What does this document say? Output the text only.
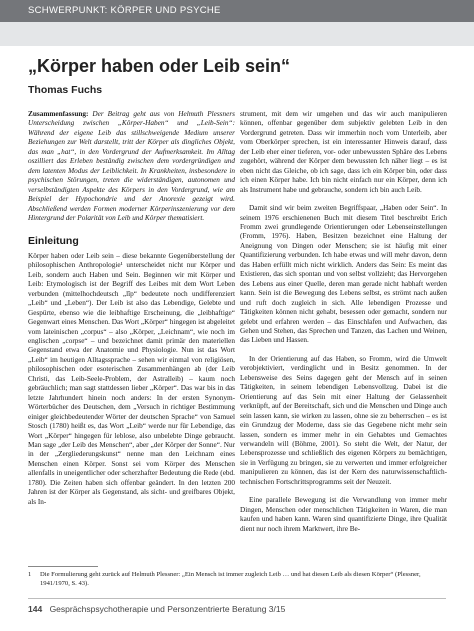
SCHWERPUNKT: KÖRPER UND PSYCHE
„Körper haben oder Leib sein“
Thomas Fuchs

Zusammenfassung: Der Beitrag geht aus von Helmuth Plessners Unterscheidung zwischen „Körper-Haben“ und „Leib-Sein“: Während der eigene Leib das stillschweigende Medium unserer Beziehungen zur Welt darstellt, tritt der Körper als dingliches Objekt, das man „hat“, in den Vordergrund der Aufmerksamkeit. Im Alltag oszilliert das Erleben beständig zwischen dem vordergründigen und dem latenten Modus der Leiblichkeit. In Krankheiten, insbesondere in psychischen Störungen, treten die widerständigen, autonomen und verselbständigten Aspekte des Körpers in den Vordergrund, wie am Beispiel der Hypochondrie und der Anorexie gezeigt wird. Abschließend werden Formen moderner Körperinszenierung vor dem Hintergrund der Polarität von Leib und Körper thematisiert.

Einleitung

Körper haben oder Leib sein – diese bekannte Gegenüberstellung der philosophischen Anthropologie¹ unterscheidet nicht nur Körper und Leib, sondern auch Haben und Sein. Beginnen wir mit Körper und Leib: Etymologisch ist der Begriff des Leibes mit dem Wort Leben verbunden (mittelhochdeutsch „lîp“ bedeutete noch undifferenziert „Leib“ und „Leben“). Der Leib ist also das Lebendige, Gelebte und Gespürte, ebenso wie die leibhaftige Erscheinung, die „leibhaftige“ Gegenwart eines Menschen. Das Wort „Körper“ hingegen ist abgeleitet vom lateinischen „corpus“ – also „Körper, „Leichnam“, wie noch im englischen „corpse“ – und bezeichnet damit primär den materiellen Gegenstand etwa der Anatomie und Physiologie. Nun ist das Wort „Leib“ im heutigen Alltagssprache – sehen wir einmal von religiösen, philosophischen oder esoterischen Zusammenhängen ab (der Leib Christi, das Leib-Seele-Problem, der Astralleib) – kaum noch gebräuchlich; man sagt stattdessen lieber „Körper“. Das war bis in das letzte Jahrhundert hinein noch anders: In der ersten Synonym-Wörterbücher des Deutschen, dem „Versuch in richtiger Bestimmung einiger gleichbedeutender Wörter der deutschen Sprache“ von Samuel Stosch (1780) heißt es, das Wort „Leib“ werde nur für Lebendige, das Wort „Körper“ hingegen für leblose, also unbelebte Dinge gebraucht. Man sage „der Leib des Menschen“, aber „der Körper der Sonne“. Nur in der „Zergliederungskunst“ nenne man den Leichnam eines Menschen einen Körper. Sonst sei vom Körper des Menschen allenfalls in uneigentlicher oder scherzhafter Bedeutung die Rede (ebd. 1780). Die Zeiten haben sich offenbar geändert. In den letzten 200 Jahren ist der Körper als Gegenstand, als sicht- und greifbares Objekt, als In-

strument, mit dem wir umgehen und das wir auch manipulieren können, offenbar gegenüber dem subjektiv gelebten Leib in den Vordergrund getreten. Dass wir immerhin noch vom Unterleib, aber vom Oberkörper sprechen, ist ein interessanter Hinweis darauf, dass der Leib eher einer tieferen, vor- oder unbewussten Sphäre des Lebens zugehört, während der Körper dem bewussten Ich näher liegt – es ist eben nicht das Gleiche, ob ich sage, dass ich ein Körper bin, oder dass ich einen Körper habe. Ich bin nicht einfach nur ein Körper, denn ich als Instrument habe und gebrauche, sondern ich bin auch Leib.

Damit sind wir beim zweiten Begriffspaar, „Haben oder Sein“. In seinem 1976 erschienenen Buch mit diesem Titel beschreibt Erich Fromm zwei grundlegende Orientierungen oder Lebenseinstellungen (Fromm, 1976). Haben, Besitzen bezeichnet eine Haltung der Aneignung von Dingen oder Menschen; sie ist häufig mit einer Quantifizierung verbunden. Ich habe etwas und will mehr davon, denn das Haben erfüllt mich nicht wirklich. Anders das Sein: Es meint das Existieren, das sich spontan und von selbst vollzieht; das Hervorgehen des Lebens aus einer Quelle, deren man gerade nicht habhaft werden kann. Sein ist die Bewegung des Lebens selbst, es strömt nach außen und ruft doch zugleich in sich. Alle lebendigen Prozesse und Tätigkeiten können nicht gehabt, besessen oder gemacht, sondern nur gelebt und erfahren werden – das Einschlafen und Aufwachen, das Gehen und Stehen, das Sprechen und Tanzen, das Lachen und Weinen, das Lieben und Hassen.

In der Orientierung auf das Haben, so Fromm, wird die Umwelt verobjektiviert, verdinglicht und in Besitz genommen. In der Lebensweise des Seins dagegen geht der Mensch auf in seinen Tätigkeiten, in seinem lebendigen Lebensvollzug. Dabei ist die Orientierung auf das Sein mit einer Haltung der Gelassenheit verknüpft, auf der Bereitschaft, sich und die Menschen und Dinge auch sein lassen kann, sie wirken zu lassen, ohne sie zu beherrschen – es ist ein Grundzug der Moderne, dass sie das Gegebene nicht mehr sein lassen, sondern es immer mehr in ein Gehabtes und Gemachtes verwandeln will (Böhme, 2001). So steht die Welt, der Natur, der Lebensprozesse und schließlich des eigenen Körpers zu bemächtigen, sie in Verfügung zu bringen, sie zu verwerten und immer erfolgreicher manipulieren zu können, das ist der Kern des naturwissenschaftlich-technischen Fortschrittsprogramms seit der Neuzeit.

Eine parallele Bewegung ist die Verwandlung von immer mehr Dingen, Menschen oder menschlichen Tätigkeiten in Waren, die man kaufen und haben kann. Waren sind quantifizierte Dinge, ihre Qualität dient nur noch ihrem Marktwert, ihre Be-

1 Die Formulierung geht zurück auf Helmuth Plessner: „Ein Mensch ist immer zugleich Leib … und hat diesen Leib als diesen Körper“ (Plessner, 1941/1970, S. 43).
144 Gesprächspsychotherapie und Personzentrierte Beratung 3/15
